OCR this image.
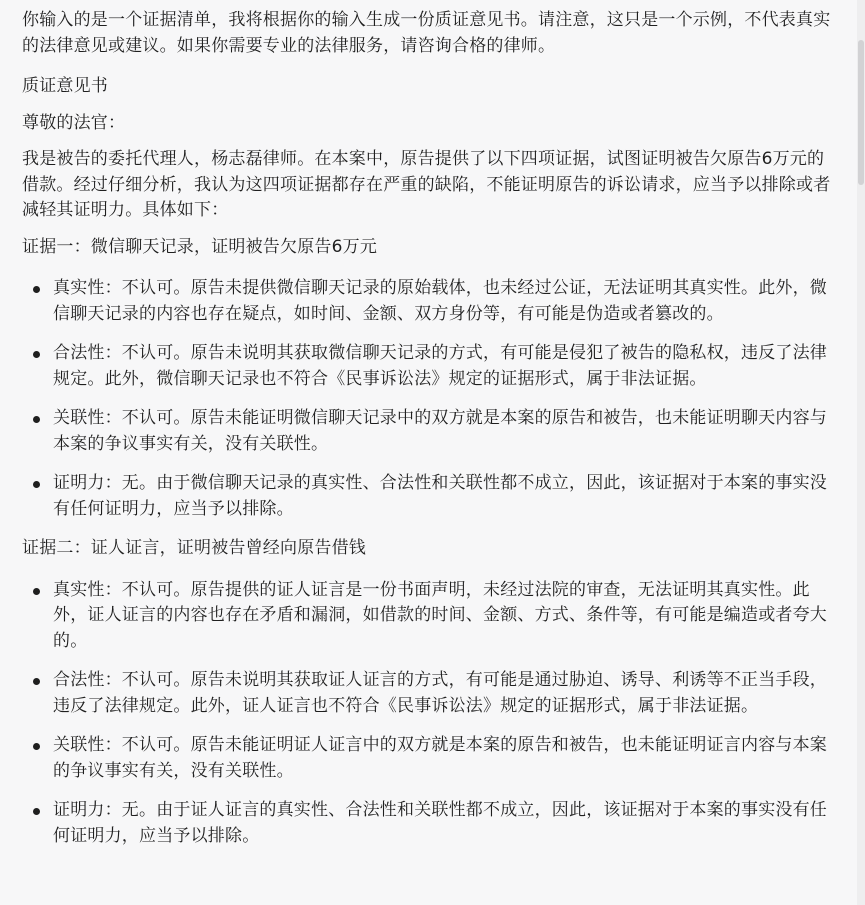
你输入的是一个证据清单，我将根据你的输入生成一份质证意见书。请注意，这只是一个示例，不代表真实的法律意见或建议。如果你需要专业的法律服务，请咨询合格的律师。

质证意见书

尊敬的法官：

我是被告的委托代理人，杨志磊律师。在本案中，原告提供了以下四项证据，试图证明被告欠原告6万元的借款。经过仔细分析，我认为这四项证据都存在严重的缺陷，不能证明原告的诉讼请求，应当予以排除或者减轻其证明力。具体如下：

证据一：微信聊天记录，证明被告欠原告6万元

真实性：不认可。原告未提供微信聊天记录的原始载体，也未经过公证，无法证明其真实性。此外，微信聊天记录的内容也存在疑点，如时间、金额、双方身份等，有可能是伪造或者篡改的。
合法性：不认可。原告未说明其获取微信聊天记录的方式，有可能是侵犯了被告的隐私权，违反了法律规定。此外，微信聊天记录也不符合《民事诉讼法》规定的证据形式，属于非法证据。
关联性：不认可。原告未能证明微信聊天记录中的双方就是本案的原告和被告，也未能证明聊天内容与本案的争议事实有关，没有关联性。
证明力：无。由于微信聊天记录的真实性、合法性和关联性都不成立，因此，该证据对于本案的事实没有任何证明力，应当予以排除。

证据二：证人证言，证明被告曾经向原告借钱

真实性：不认可。原告提供的证人证言是一份书面声明，未经过法院的审查，无法证明其真实性。此外，证人证言的内容也存在矛盾和漏洞，如借款的时间、金额、方式、条件等，有可能是编造或者夸大的。
合法性：不认可。原告未说明其获取证人证言的方式，有可能是通过胁迫、诱导、利诱等不正当手段，违反了法律规定。此外，证人证言也不符合《民事诉讼法》规定的证据形式，属于非法证据。
关联性：不认可。原告未能证明证人证言中的双方就是本案的原告和被告，也未能证明证言内容与本案的争议事实有关，没有关联性。
证明力：无。由于证人证言的真实性、合法性和关联性都不成立，因此，该证据对于本案的事实没有任何证明力，应当予以排除。
